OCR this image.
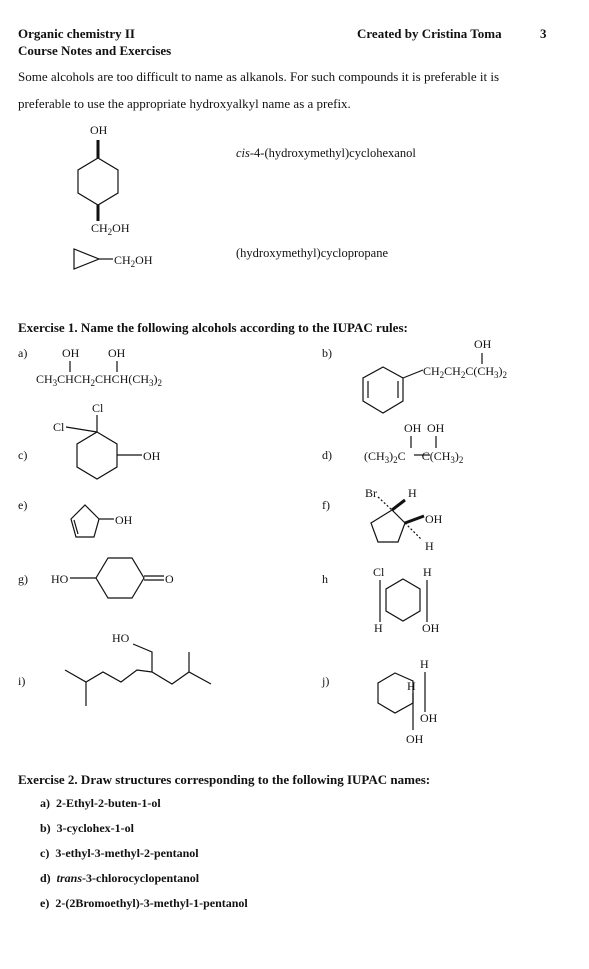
Organic chemistry II
Course Notes and Exercises
Created by Cristina Toma	3
Some alcohols are too difficult to name as alkanols. For such compounds it is preferable it is
preferable to use the appropriate hydroxyalkyl name as a prefix.
cis-4-(hydroxymethyl)cyclohexanol
(hydroxymethyl)cyclopropane
Exercise 1. Name the following alcohols according to the IUPAC rules:
a)	b)
c)	d)
e)	f)
g)	h
i)	j)
OH
$CH_2OH$
$CH_2OH$
OH OH
$CH_3CHCH_2CHCH(CH_3)_2$
OH
$CH_2CH_2C(CH_3)_2$
Cl
Cl
OH
OH OH
$(CH_3)_2C$ $C(CH_3)_2$
OH
Br	H
OH
H
HO	O	Cl	H
H	OH
HO
H
H
OH
OH
Exercise 2. Draw structures corresponding to the following IUPAC names:
a) 2-Ethyl-2-buten-1-ol
b) 3-cyclohex-1-ol
c) 3-ethyl-3-methyl-2-pentanol
d) trans-3-chlorocyclopentanol
e) 2-(2Bromoethyl)-3-methyl-1-pentanol
